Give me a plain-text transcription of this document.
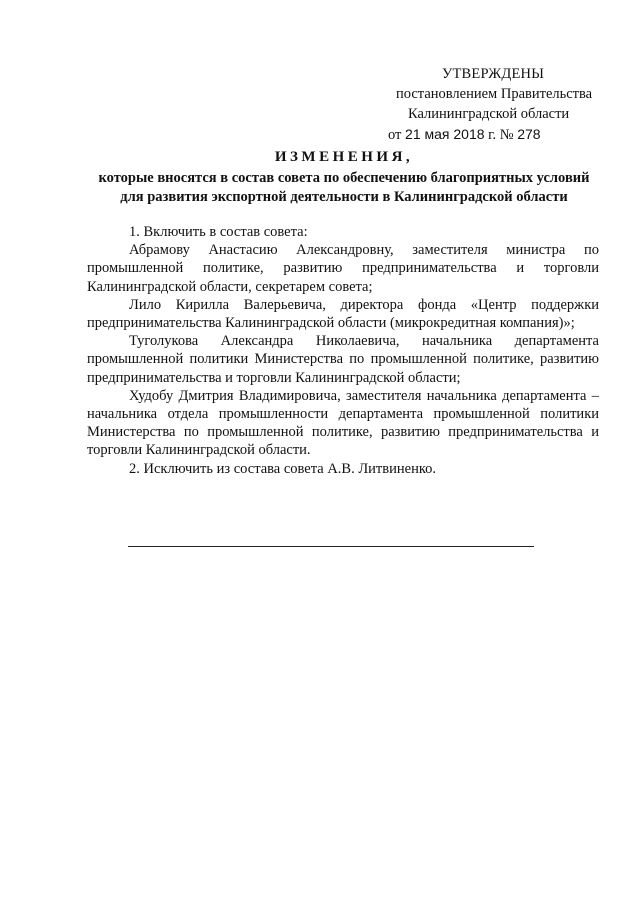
УТВЕРЖДЕНЫ
постановлением Правительства
Калининградской области
от 21 мая 2018 г. № 278
ИЗМЕНЕНИЯ,
которые вносятся в состав совета по обеспечению благоприятных условий
для развития экспортной деятельности в Калининградской области

1. Включить в состав совета:

Абрамову Анастасию Александровну, заместителя министра по промышленной политике, развитию предпринимательства и торговли Калининградской области, секретарем совета;

Лило Кирилла Валерьевича, директора фонда «Центр поддержки предпринимательства Калининградской области (микрокредитная компания)»;

Туголукова Александра Николаевича, начальника департамента промышленной политики Министерства по промышленной политике, развитию предпринимательства и торговли Калининградской области;

Худобу Дмитрия Владимировича, заместителя начальника департамента – начальника отдела промышленности департамента промышленной политики Министерства по промышленной политике, развитию предпринимательства и торговли Калининградской области.

2. Исключить из состава совета А.В. Литвиненко.
